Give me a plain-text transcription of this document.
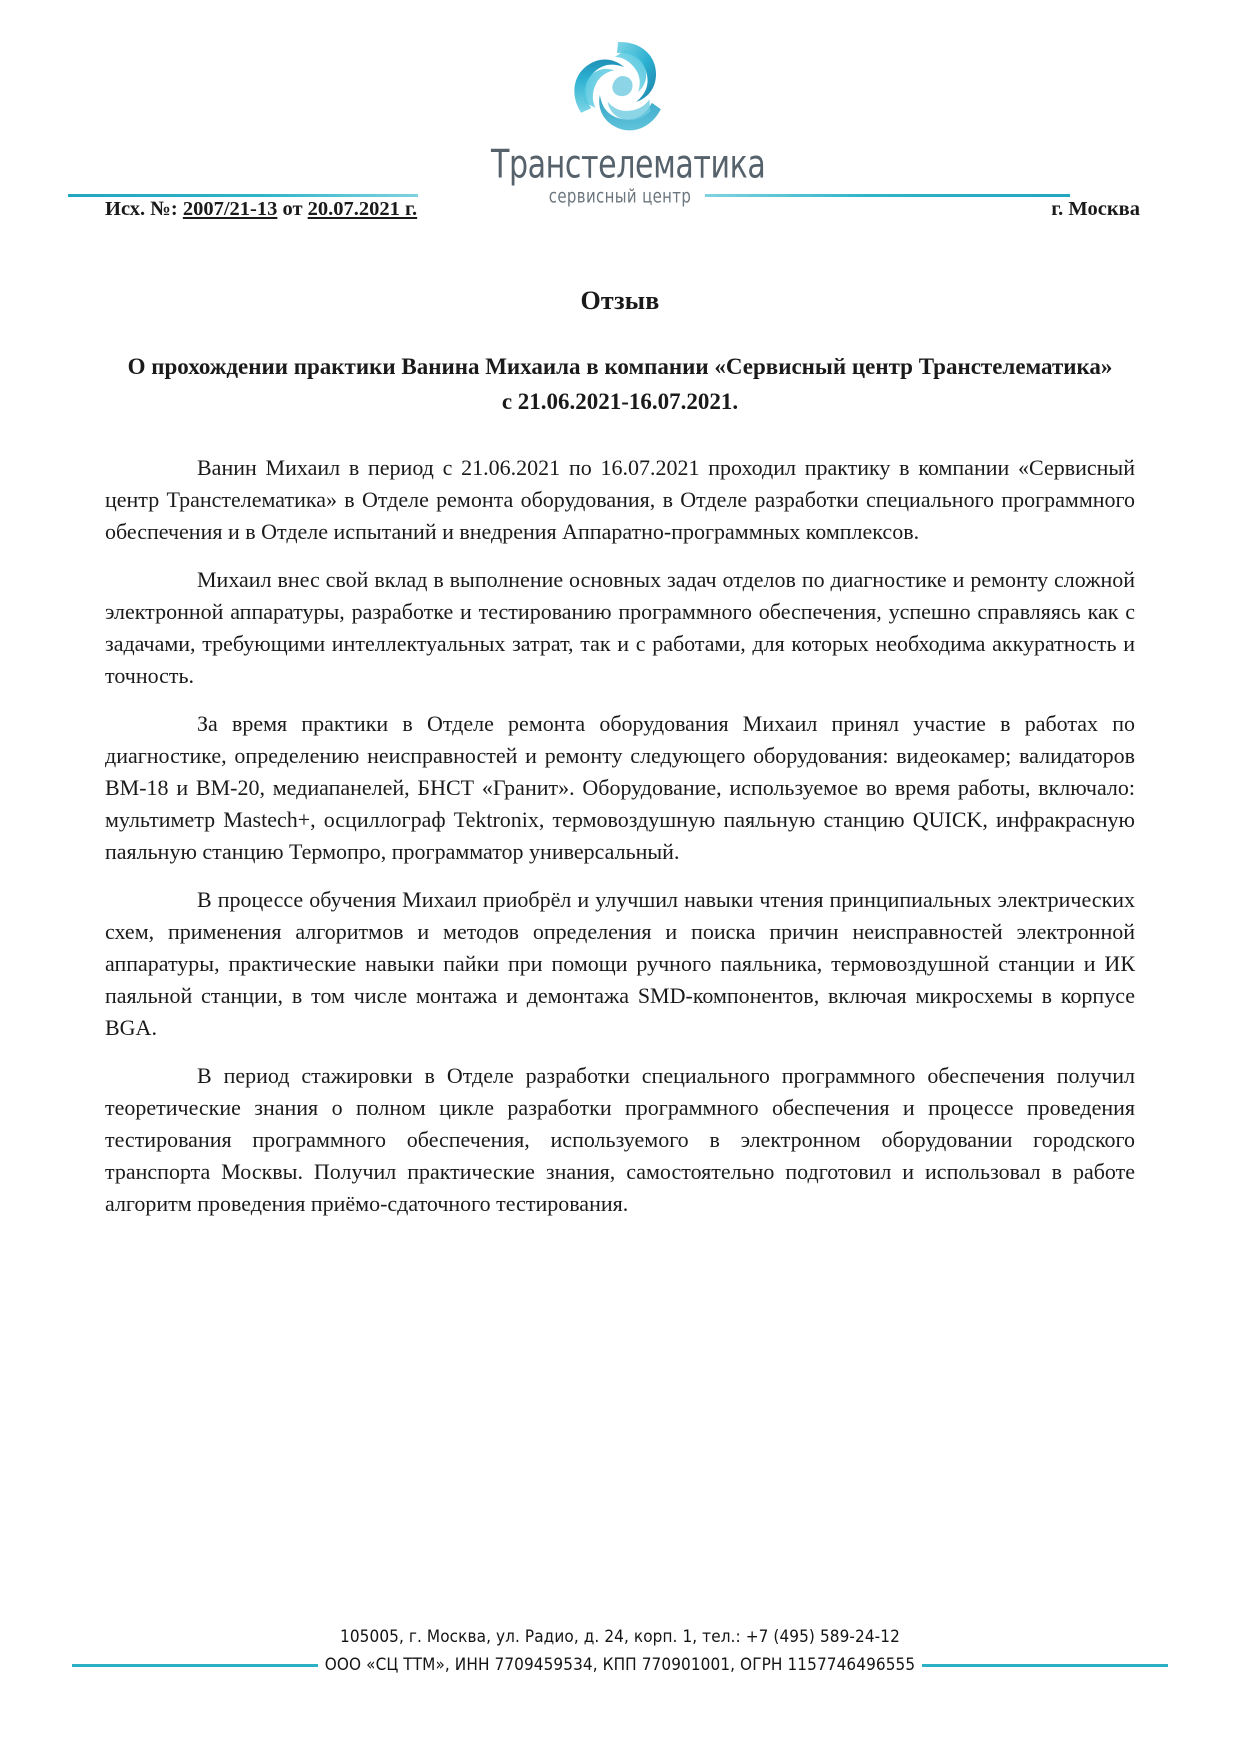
Транстелематика
сервисный центр
Исх. №: 2007/21-13 от 20.07.2021 г.	г. Москва
Отзыв
О прохождении практики Ванина Михаила в компании «Сервисный центр Транстелематика» с 21.06.2021-16.07.2021.

Ванин Михаил в период с 21.06.2021 по 16.07.2021 проходил практику в компании «Сервисный центр Транстелематика» в Отделе ремонта оборудования, в Отделе разработки специального программного обеспечения и в Отделе испытаний и внедрения Аппаратно-программных комплексов.

Михаил внес свой вклад в выполнение основных задач отделов по диагностике и ремонту сложной электронной аппаратуры, разработке и тестированию программного обеспечения, успешно справляясь как с задачами, требующими интеллектуальных затрат, так и с работами, для которых необходима аккуратность и точность.

За время практики в Отделе ремонта оборудования Михаил принял участие в работах по диагностике, определению неисправностей и ремонту следующего оборудования: видеокамер; валидаторов ВМ-18 и ВМ-20, медиапанелей, БНСТ «Гранит». Оборудование, используемое во время работы, включало: мультиметр Mastech+, осциллограф Tektronix, термовоздушную паяльную станцию QUICK, инфракрасную паяльную станцию Термопро, программатор универсальный.

В процессе обучения Михаил приобрёл и улучшил навыки чтения принципиальных электрических схем, применения алгоритмов и методов определения и поиска причин неисправностей электронной аппаратуры, практические навыки пайки при помощи ручного паяльника, термовоздушной станции и ИК паяльной станции, в том числе монтажа и демонтажа SMD-компонентов, включая микросхемы в корпусе BGA.

В период стажировки в Отделе разработки специального программного обеспечения получил теоретические знания о полном цикле разработки программного обеспечения и процессе проведения тестирования программного обеспечения, используемого в электронном оборудовании городского транспорта Москвы. Получил практические знания, самостоятельно подготовил и использовал в работе алгоритм проведения приёмо-сдаточного тестирования.

105005, г. Москва, ул. Радио, д. 24, корп. 1, тел.: +7 (495) 589-24-12
ООО «СЦ ТТМ», ИНН 7709459534, КПП 770901001, ОГРН 1157746496555
